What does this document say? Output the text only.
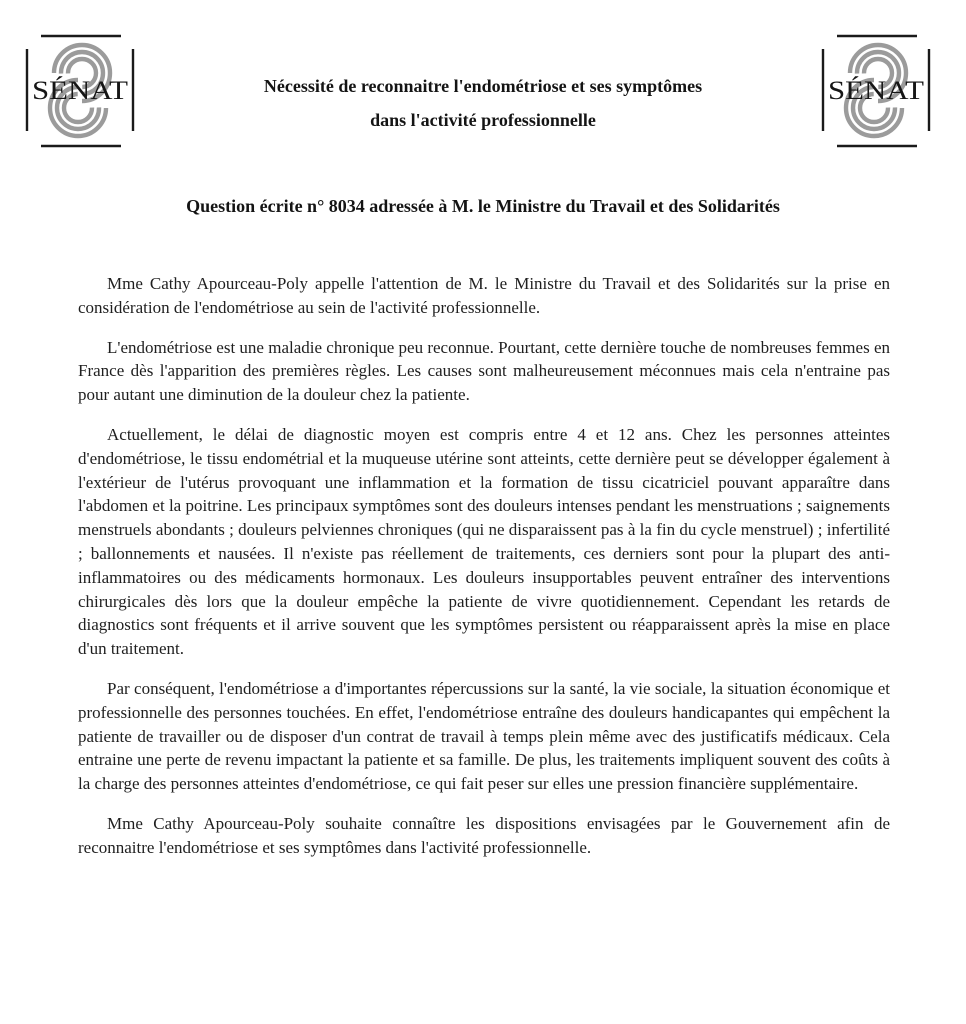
SÉNAT	SÉNAT
Nécessité de reconnaitre l'endométriose et ses symptômes
dans l'activité professionnelle
Question écrite n° 8034 adressée à M. le Ministre du Travail et des Solidarités

Mme Cathy Apourceau-Poly appelle l'attention de M. le Ministre du Travail et des Solidarités sur la prise en considération de l'endométriose au sein de l'activité professionnelle.

L'endométriose est une maladie chronique peu reconnue. Pourtant, cette dernière touche de nombreuses femmes en France dès l'apparition des premières règles. Les causes sont malheureusement méconnues mais cela n'entraine pas pour autant une diminution de la douleur chez la patiente.

Actuellement, le délai de diagnostic moyen est compris entre 4 et 12 ans. Chez les personnes atteintes d'endométriose, le tissu endométrial et la muqueuse utérine sont atteints, cette dernière peut se développer également à l'extérieur de l'utérus provoquant une inflammation et la formation de tissu cicatriciel pouvant apparaître dans l'abdomen et la poitrine. Les principaux symptômes sont des douleurs intenses pendant les menstruations ; saignements menstruels abondants ; douleurs pelviennes chroniques (qui ne disparaissent pas à la fin du cycle menstruel) ; infertilité ; ballonnements et nausées. Il n'existe pas réellement de traitements, ces derniers sont pour la plupart des anti-inflammatoires ou des médicaments hormonaux. Les douleurs insupportables peuvent entraîner des interventions chirurgicales dès lors que la douleur empêche la patiente de vivre quotidiennement. Cependant les retards de diagnostics sont fréquents et il arrive souvent que les symptômes persistent ou réapparaissent après la mise en place d'un traitement.

Par conséquent, l'endométriose a d'importantes répercussions sur la santé, la vie sociale, la situation économique et professionnelle des personnes touchées. En effet, l'endométriose entraîne des douleurs handicapantes qui empêchent la patiente de travailler ou de disposer d'un contrat de travail à temps plein même avec des justificatifs médicaux. Cela entraine une perte de revenu impactant la patiente et sa famille. De plus, les traitements impliquent souvent des coûts à la charge des personnes atteintes d'endométriose, ce qui fait peser sur elles une pression financière supplémentaire.

Mme Cathy Apourceau-Poly souhaite connaître les dispositions envisagées par le Gouvernement afin de reconnaitre l'endométriose et ses symptômes dans l'activité professionnelle.
